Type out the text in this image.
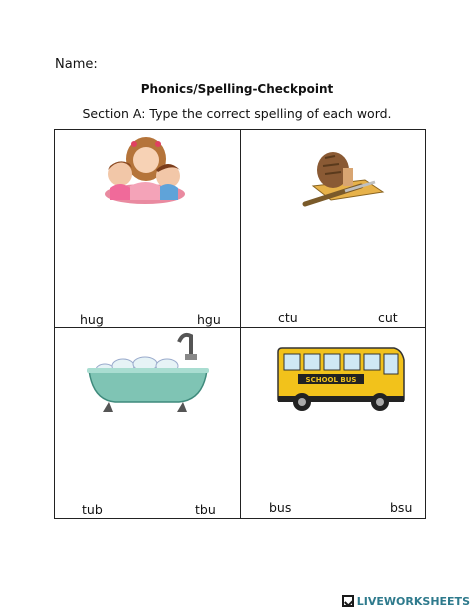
Name:
Phonics/Spelling-Checkpoint
Section A: Type the correct spelling of each word.
hug	hgu	ctu	cut
tub	tbu
SCHOOL BUS
bus	bsu
LIVEWORKSHEETS
